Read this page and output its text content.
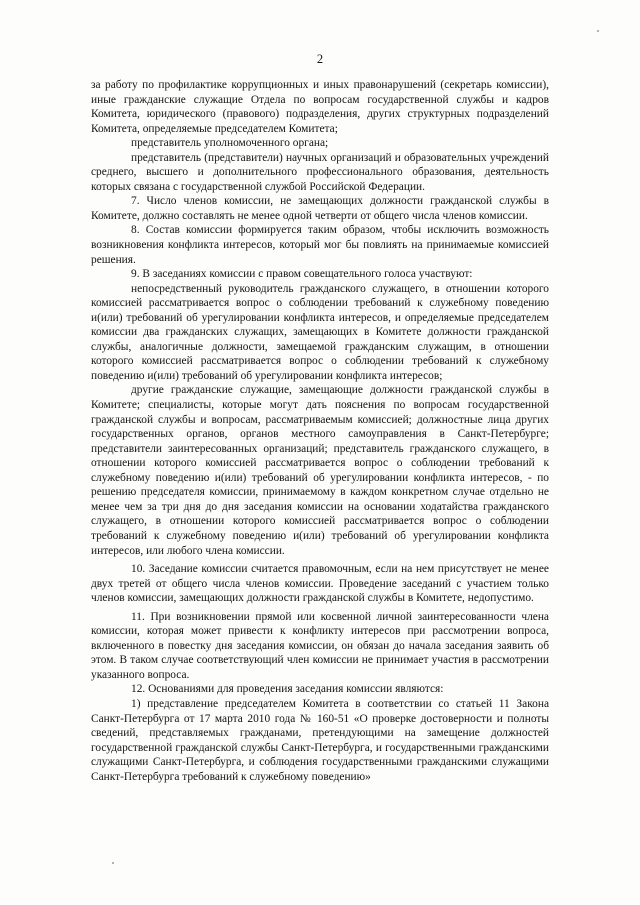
2

за работу по профилактике коррупционных и иных правонарушений (секретарь комиссии), иные гражданские служащие Отдела по вопросам государственной службы и кадров Комитета, юридического (правового) подразделения, других структурных подразделений Комитета, определяемые председателем Комитета;

представитель уполномоченного органа;

представитель (представители) научных организаций и образовательных учреждений среднего, высшего и дополнительного профессионального образования, деятельность которых связана с государственной службой Российской Федерации.

7. Число членов комиссии, не замещающих должности гражданской службы в Комитете, должно составлять не менее одной четверти от общего числа членов комиссии.

8. Состав комиссии формируется таким образом, чтобы исключить возможность возникновения конфликта интересов, который мог бы повлиять на принимаемые комиссией решения.

9. В заседаниях комиссии с правом совещательного голоса участвуют:

непосредственный руководитель гражданского служащего, в отношении которого комиссией рассматривается вопрос о соблюдении требований к служебному поведению и(или) требований об урегулировании конфликта интересов, и определяемые председателем комиссии два гражданских служащих, замещающих в Комитете должности гражданской службы, аналогичные должности, замещаемой гражданским служащим, в отношении которого комиссией рассматривается вопрос о соблюдении требований к служебному поведению и(или) требований об урегулировании конфликта интересов;

другие гражданские служащие, замещающие должности гражданской службы в Комитете; специалисты, которые могут дать пояснения по вопросам государственной гражданской службы и вопросам, рассматриваемым комиссией; должностные лица других государственных органов, органов местного самоуправления в Санкт-Петербурге; представители заинтересованных организаций; представитель гражданского служащего, в отношении которого комиссией рассматривается вопрос о соблюдении требований к служебному поведению и(или) требований об урегулировании конфликта интересов, - по решению председателя комиссии, принимаемому в каждом конкретном случае отдельно не менее чем за три дня до дня заседания комиссии на основании ходатайства гражданского служащего, в отношении которого комиссией рассматривается вопрос о соблюдении требований к служебному поведению и(или) требований об урегулировании конфликта интересов, или любого члена комиссии.

10. Заседание комиссии считается правомочным, если на нем присутствует не менее двух третей от общего числа членов комиссии. Проведение заседаний с участием только членов комиссии, замещающих должности гражданской службы в Комитете, недопустимо.

11. При возникновении прямой или косвенной личной заинтересованности члена комиссии, которая может привести к конфликту интересов при рассмотрении вопроса, включенного в повестку дня заседания комиссии, он обязан до начала заседания заявить об этом. В таком случае соответствующий член комиссии не принимает участия в рассмотрении указанного вопроса.

12. Основаниями для проведения заседания комиссии являются:

1) представление председателем Комитета в соответствии со статьей 11 Закона Санкт-Петербурга от 17 марта 2010 года № 160-51 «О проверке достоверности и полноты сведений, представляемых гражданами, претендующими на замещение должностей государственной гражданской службы Санкт-Петербурга, и государственными гражданскими служащими Санкт-Петербурга, и соблюдения государственными гражданскими служащими Санкт-Петербурга требований к служебному поведению»
